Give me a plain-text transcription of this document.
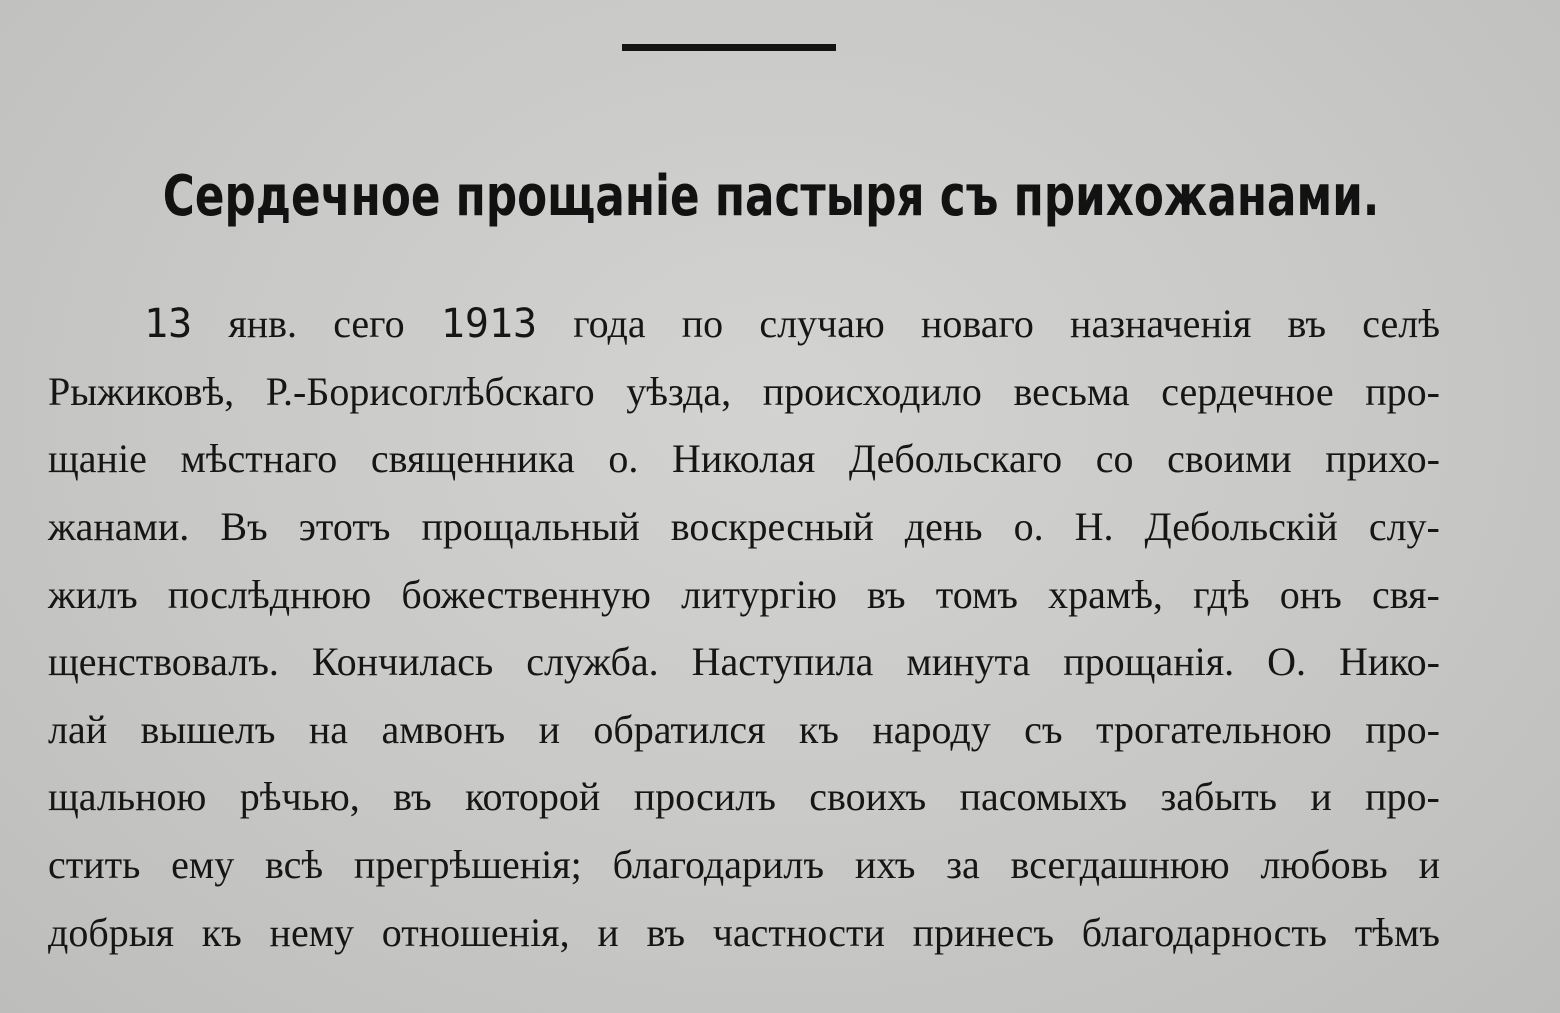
Сердечное прощаніе пастыря съ прихожанами.
13 янв. сего 1913 года по случаю новаго назначенія въ селѣ
Рыжиковѣ, Р.-Борисоглѣбскаго уѣзда, происходило весьма сердечное про-
щаніе мѣстнаго священника о. Николая Дебольскаго со своими прихо-
жанами. Въ этотъ прощальный воскресный день о. Н. Дебольскій слу-
жилъ послѣднюю божественную литургію въ томъ храмѣ, гдѣ онъ свя-
щенствовалъ. Кончилась служба. Наступила минута прощанія. О. Нико-
лай вышелъ на амвонъ и обратился къ народу съ трогательною про-
щальною рѣчью, въ которой просилъ своихъ пасомыхъ забыть и про-
стить ему всѣ прегрѣшенія; благодарилъ ихъ за всегдашнюю любовь и
добрыя къ нему отношенія, и въ частности принесъ благодарность тѣмъ
